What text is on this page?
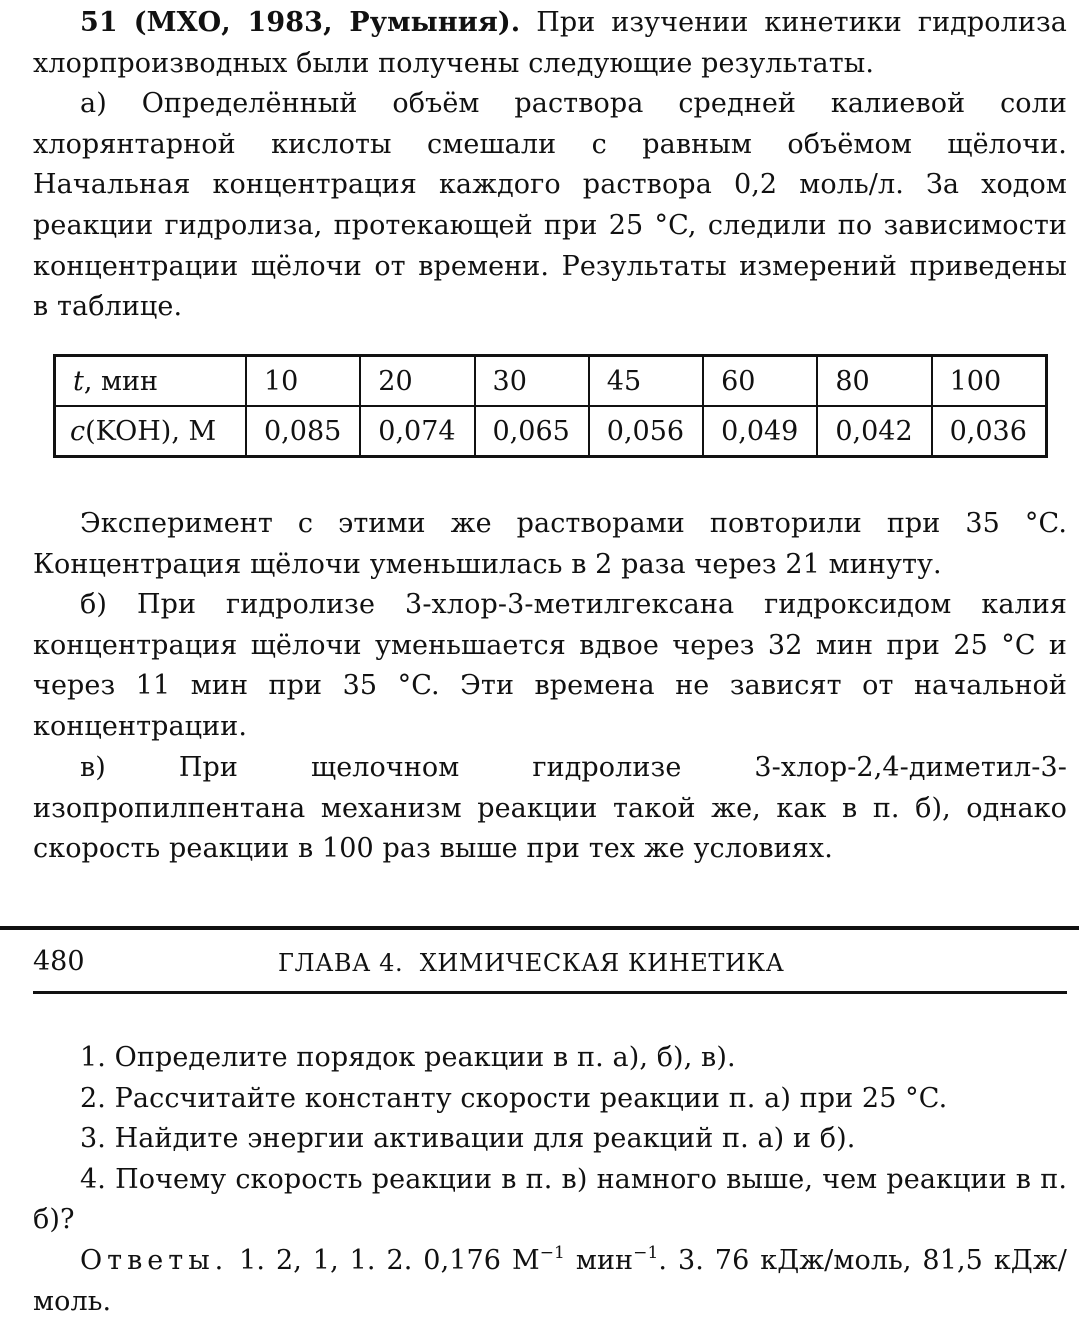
51 (МХО, 1983, Румыния). При изучении кинетики гидролиза хлорпроизводных были получены следующие результаты.

а) Определённый объём раствора средней калиевой соли хлорянтарной кислоты смешали с равным объёмом щёлочи. Начальная концентрация каждого раствора 0,2 моль/л. За ходом реакции гидролиза, протекающей при 25 °C, следили по зависимости концентрации щёлочи от времени. Результаты измерений приведены в таблице.

t, мин	10	20	30	45	60	80	100
c(KOH), M	0,085	0,074	0,065	0,056	0,049	0,042	0,036

Эксперимент с этими же растворами повторили при 35 °C. Концентрация щёлочи уменьшилась в 2 раза через 21 минуту.

б) При гидролизе 3-хлор-3-метилгексана гидроксидом калия концентрация щёлочи уменьшается вдвое через 32 мин при 25 °C и через 11 мин при 35 °C. Эти времена не зависят от начальной концентрации.

в) При щелочном гидролизе 3-хлор-2,4-диметил-3-изопропилпентана механизм реакции такой же, как в п. б), однако скорость реакции в 100 раз выше при тех же условиях.

480	ГЛАВА 4.  ХИМИЧЕСКАЯ КИНЕТИКА

1. Определите порядок реакции в п. а), б), в).

2. Рассчитайте константу скорости реакции п. а) при 25 °C.

3. Найдите энергии активации для реакций п. а) и б).

4. Почему скорость реакции в п. в) намного выше, чем реакции в п. б)?

Ответы. 1. 2, 1, 1. 2. 0,176 $M^{-1}$ мин$^{-1}$. 3. 76 кДж/моль, 81,5 кДж/моль.
